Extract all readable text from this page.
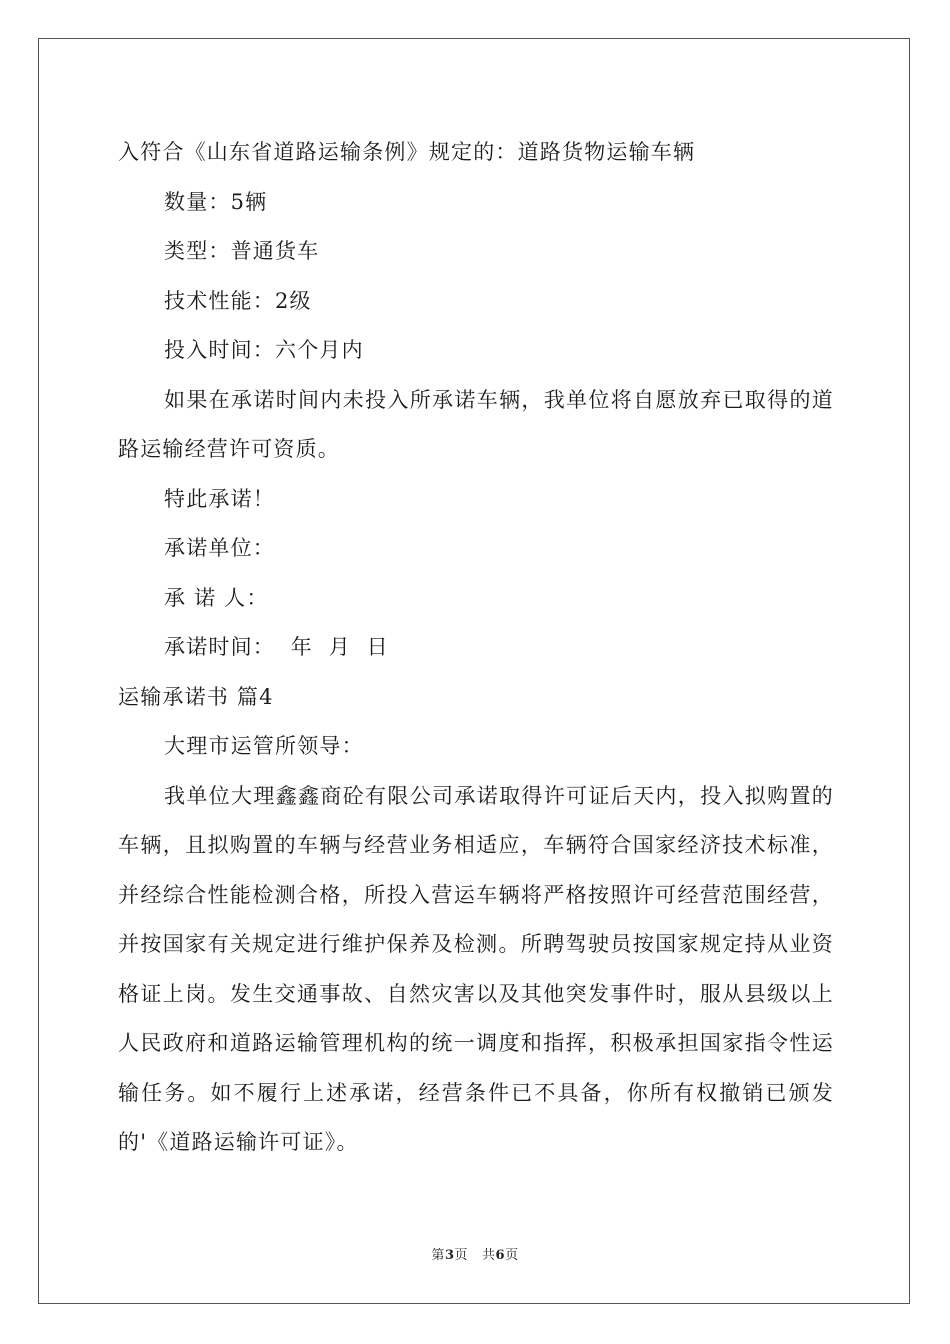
入符合《山东省道路运输条例》规定的：道路货物运输车辆

数量：5辆

类型：普通货车

技术性能：2级

投入时间：六个月内

如果在承诺时间内未投入所承诺车辆，我单位将自愿放弃已取得的道路运输经营许可资质。

特此承诺！

承诺单位：

承 诺 人：

承诺时间：  年  月  日

运输承诺书 篇4

大理市运管所领导：

我单位大理鑫鑫商砼有限公司承诺取得许可证后天内，投入拟购置的车辆，且拟购置的车辆与经营业务相适应，车辆符合国家经济技术标准，并经综合性能检测合格，所投入营运车辆将严格按照许可经营范围经营，并按国家有关规定进行维护保养及检测。所聘驾驶员按国家规定持从业资格证上岗。发生交通事故、自然灾害以及其他突发事件时，服从县级以上人民政府和道路运输管理机构的统一调度和指挥，积极承担国家指令性运输任务。如不履行上述承诺，经营条件已不具备，你所有权撤销已颁发的'《道路运输许可证》。

第3页 共6页
